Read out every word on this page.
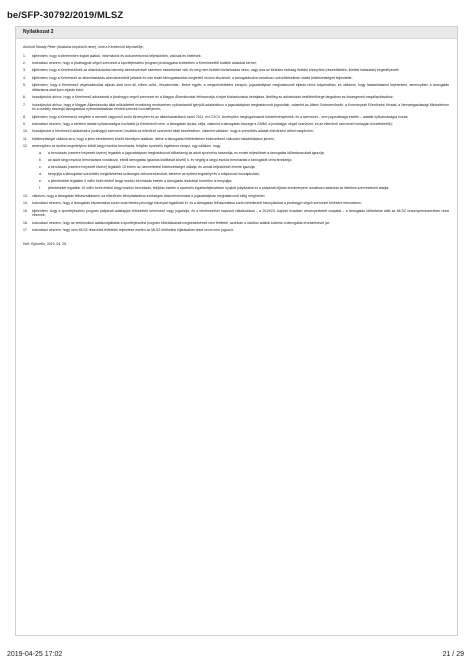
be/SFP-30792/2019/MLSZ
Nyilatkozat 2

Alulírott Sárady Péter (hivatalos képviselő neve), mint a Kérelmező képviselője,

1. kijelentem, hogy a kérelemben foglalt adatok, információk és dokumentumok teljeskörűek, valósak és hitelesek;
2. tudomásul veszem, hogy a jóváhagyott végző szervezet a sportfejlesztési program jóváhagyása érdekében a Kérelmezőtől további adatokat kérhet;
3. kijelentem, hogy a Kérelmezőnek az államháztartás bármely alrendszerével szemben esedékessé vált, és meg nem fizetett köztartozása nincs, vagy arra az illetékes hatóság fizetési könnyítést (részletfizetés, fizetési halasztás) engedélyezett;
4. kijelentem, hogy a Kérelmező az államháztartás alrendszereiből juttatott és már lezárt támogatásokkal megfelelő módon elszámolt, a támogatásokra vonatkozó szerződésekben vállalt kötelezettségeit teljesítette;
5. kijelentem, hogy a Kérelmező végelszámolási eljárás alatt nem áll, ellene csőd-, felszámolási-, illetve egyéb, a megszüntetésére irányuló, jogszabályban meghatározott eljárás nincs folyamatban, és vállalom, hogy haladéktalanul bejelentem, amennyiben a támogatás időtartama alatt ilyen eljárás indul;
6. hozzájárulok ahhoz, hogy a Kérelmező adószámát a jóváhagyó végző szervezet és a Magyar Államkincstár felhasználja a lejárt köztartozások behajtása, illetőleg az adótartozás beköthetősége tárgyában és összegének megállapításához;
7. hozzájárulok ahhoz, hogy a Magyar Államkincstár által működtetett monitoring rendszerben nyilvántartott igénylői adatainkhoz a jogszabályban meghatározott jogosultak, valamint az Állami Számvevőszék, a Kormányzati Ellenőrzési Hivatal, a Nemzetgazdasági Minisztérium és a csekély összegű támogatások nyilvántartásában érintett szervek hozzáférjenek;
8. kijelentem, hogy a Kérelmező megfelel a nemzeti vagyonról szóló törvényben és az államháztartásról szóló 2011. évi CXCV. törvényben megfogalmazott követelményeknek, és a szervezet – erre jogosultsága esetén – adatait nyilvánosságra hozza;
9. tudomásul veszem, hogy a kérelem adatai nyilvánosságra hozhatók (a Kérelmező neve, a támogatás típusa, célja, valamint a támogatás összege a GMMI, a jóváhagyó végző szervezet, és az ellenőrző szervezet honlapján közzétehetők);
10. hozzájárulok a Kérelmező adatainak a jóváhagyó szervezet, továbbá az ellenőrző szervezet általi kezeléséhez, valamint vállalom, hogy a szerződés adatait ellenőrzési célból megőrzöm;
11. kötelezettséget vállalok arra, hogy a jelen kérelemben közölt bármilyen adatban, illetve a támogatási feltételekben bekövetkező változást haladéktalanul jelzem;
12. amennyiben az építési engedélyhez kötött tárgyi eszköz beruházás, felújítás sportcélú ingatlanra irányul, úgy vállalom, hogy
a. a beruházás (cserére helyezett kivéve) legalább a jogszabályban meghatározott időtartamig az adott sportcélra használja, és ennek teljesülését a támogatás időtartama alatt igazolja;
b. az adott tárgyi eszköz beruházásra vonatkozó, ebből támogatási igazolás kiállítását követő 4. év végéig a tárgyi eszköz beruházást a támogatott célra fenntartja;
c. a beruházás (cserére helyezett kivéve) legalább 15 évben az üzemeltetési kötelezettséget vállalja, és annak teljesülését évente igazolja;
d. benyújtja a támogatási szerződés megkötéséhez szükséges dokumentumokat, ideértve az építési engedélyt és a tulajdonosi hozzájárulást;
e. a jelentéséket legalább 5 millió forint értékű tárgyi eszköz beruházás esetén a támogatás lezárását követően is benyújtja;
f. jelentéseket legalább 10 millió forint értékű tárgyi eszköz beruházás, felújítás esetén a sportcélú ingatlanfejlesztésre nyújtott pályázatok és a pályázati eljárás eredményére vonatkozó adatokat az illetékes szervezetnek átadja;
13. vállalom, hogy a támogatás felhasználásáról, az ellenőrzés lefolytatásához szükséges dokumentumokat a jogszabályban meghatározott ideig megőrzöm;
14. tudomásul veszem, hogy a támogatás elszámolása során csak hiteles pénzügyi bizonylat fogadható el, és a támogatás felhasználása során keletkezett bizonylatokat a jóváhagyó végző szervezet kérésére bemutatom;
15. kijelentem, hogy a sportfejlesztési program pályázati adatlapján feltüntetett kérelmező vagy jogutódja, és a kérelmezővel kapcsolt vállalkozásai – a 2019/20. bajnoki évadban versenyeztetett csapatai – a támogatás időtartama alatt az MLSZ versenyrendszerében részt vesznek;
16. tudomásul veszem, hogy az elektronikus adatszolgáltatás a sportfejlesztési program elbírálásának megkezdésének nem feltétele, azonban a valótlan adatok közlése a támogatás elvesztésével jár;
17. tudomásul veszem, hogy nem MLSZ részvételi feltételek teljesítése esetén az MLSZ értékelési eljárásában részt venni nem jogosult.

Kelt: Gyömrőn, 2019. 04. 25.

2019-04-25 17:02	21 / 29
